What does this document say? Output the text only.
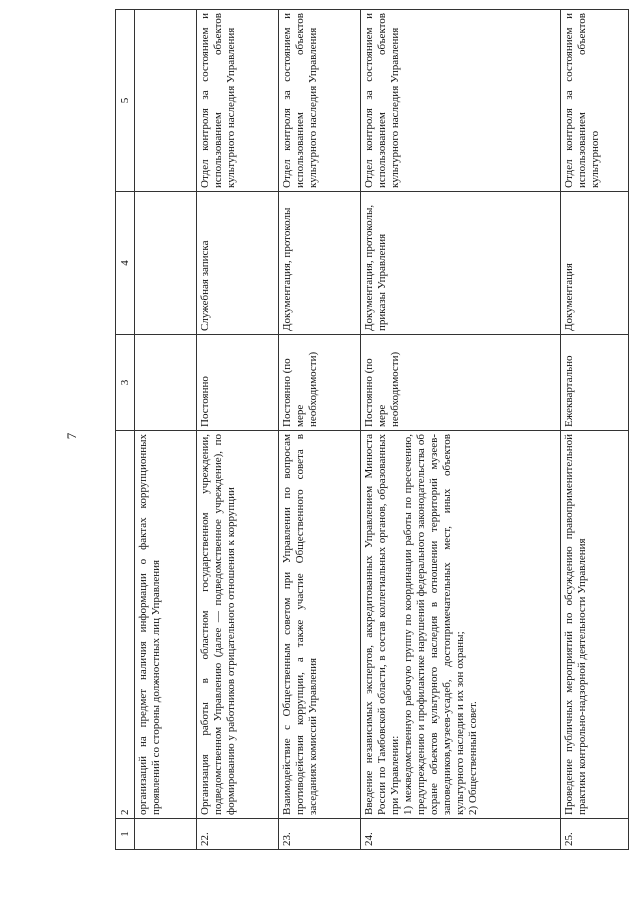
7
1	2	3	4	5
	организаций на предмет наличия информации о фактах коррупционных проявлений со стороны должностных лиц Управления			
22.	Организация работы в областном государственном учреждении, подведомственном Управлению (далее — подведомственное учреждение), по формированию у работников отрицательного отношения к коррупции	Постоянно	Служебная записка	Отдел контроля за состоянием и использованием объектов культурного наследия Управления
23.	Взаимодействие с Общественным советом при Управлении по вопросам противодействия коррупции, а также участие Общественного совета в заседаниях комиссий Управления	Постоянно (по мере необходимости)	Документация, протоколы	Отдел контроля за состоянием и использованием объектов культурного наследия Управления
24.	Введение независимых экспертов, аккредитованных Управлением Минюста России по Тамбовской области, в состав коллегиальных органов, образованных при Управлении: 1) межведомственную рабочую группу по координации работы по пресечению, предупреждению и профилактике нарушений федерального законодательства об охране объектов культурного наследия в отношении территорий музеев-заповедников,музеев-усадеб, достопримечательных мест, иных объектов культурного наследия и их зон охраны; 2) Общественный совет.	Постоянно (по мере необходимости)	Документация, протоколы, приказы Управления	Отдел контроля за состоянием и использованием объектов культурного наследия Управления
25.	Проведение публичных мероприятий по обсуждению правоприменительной практики контрольно-надзорной деятельности Управления	Ежеквартально	Документация	Отдел контроля за состоянием и использованием объектов культурного
